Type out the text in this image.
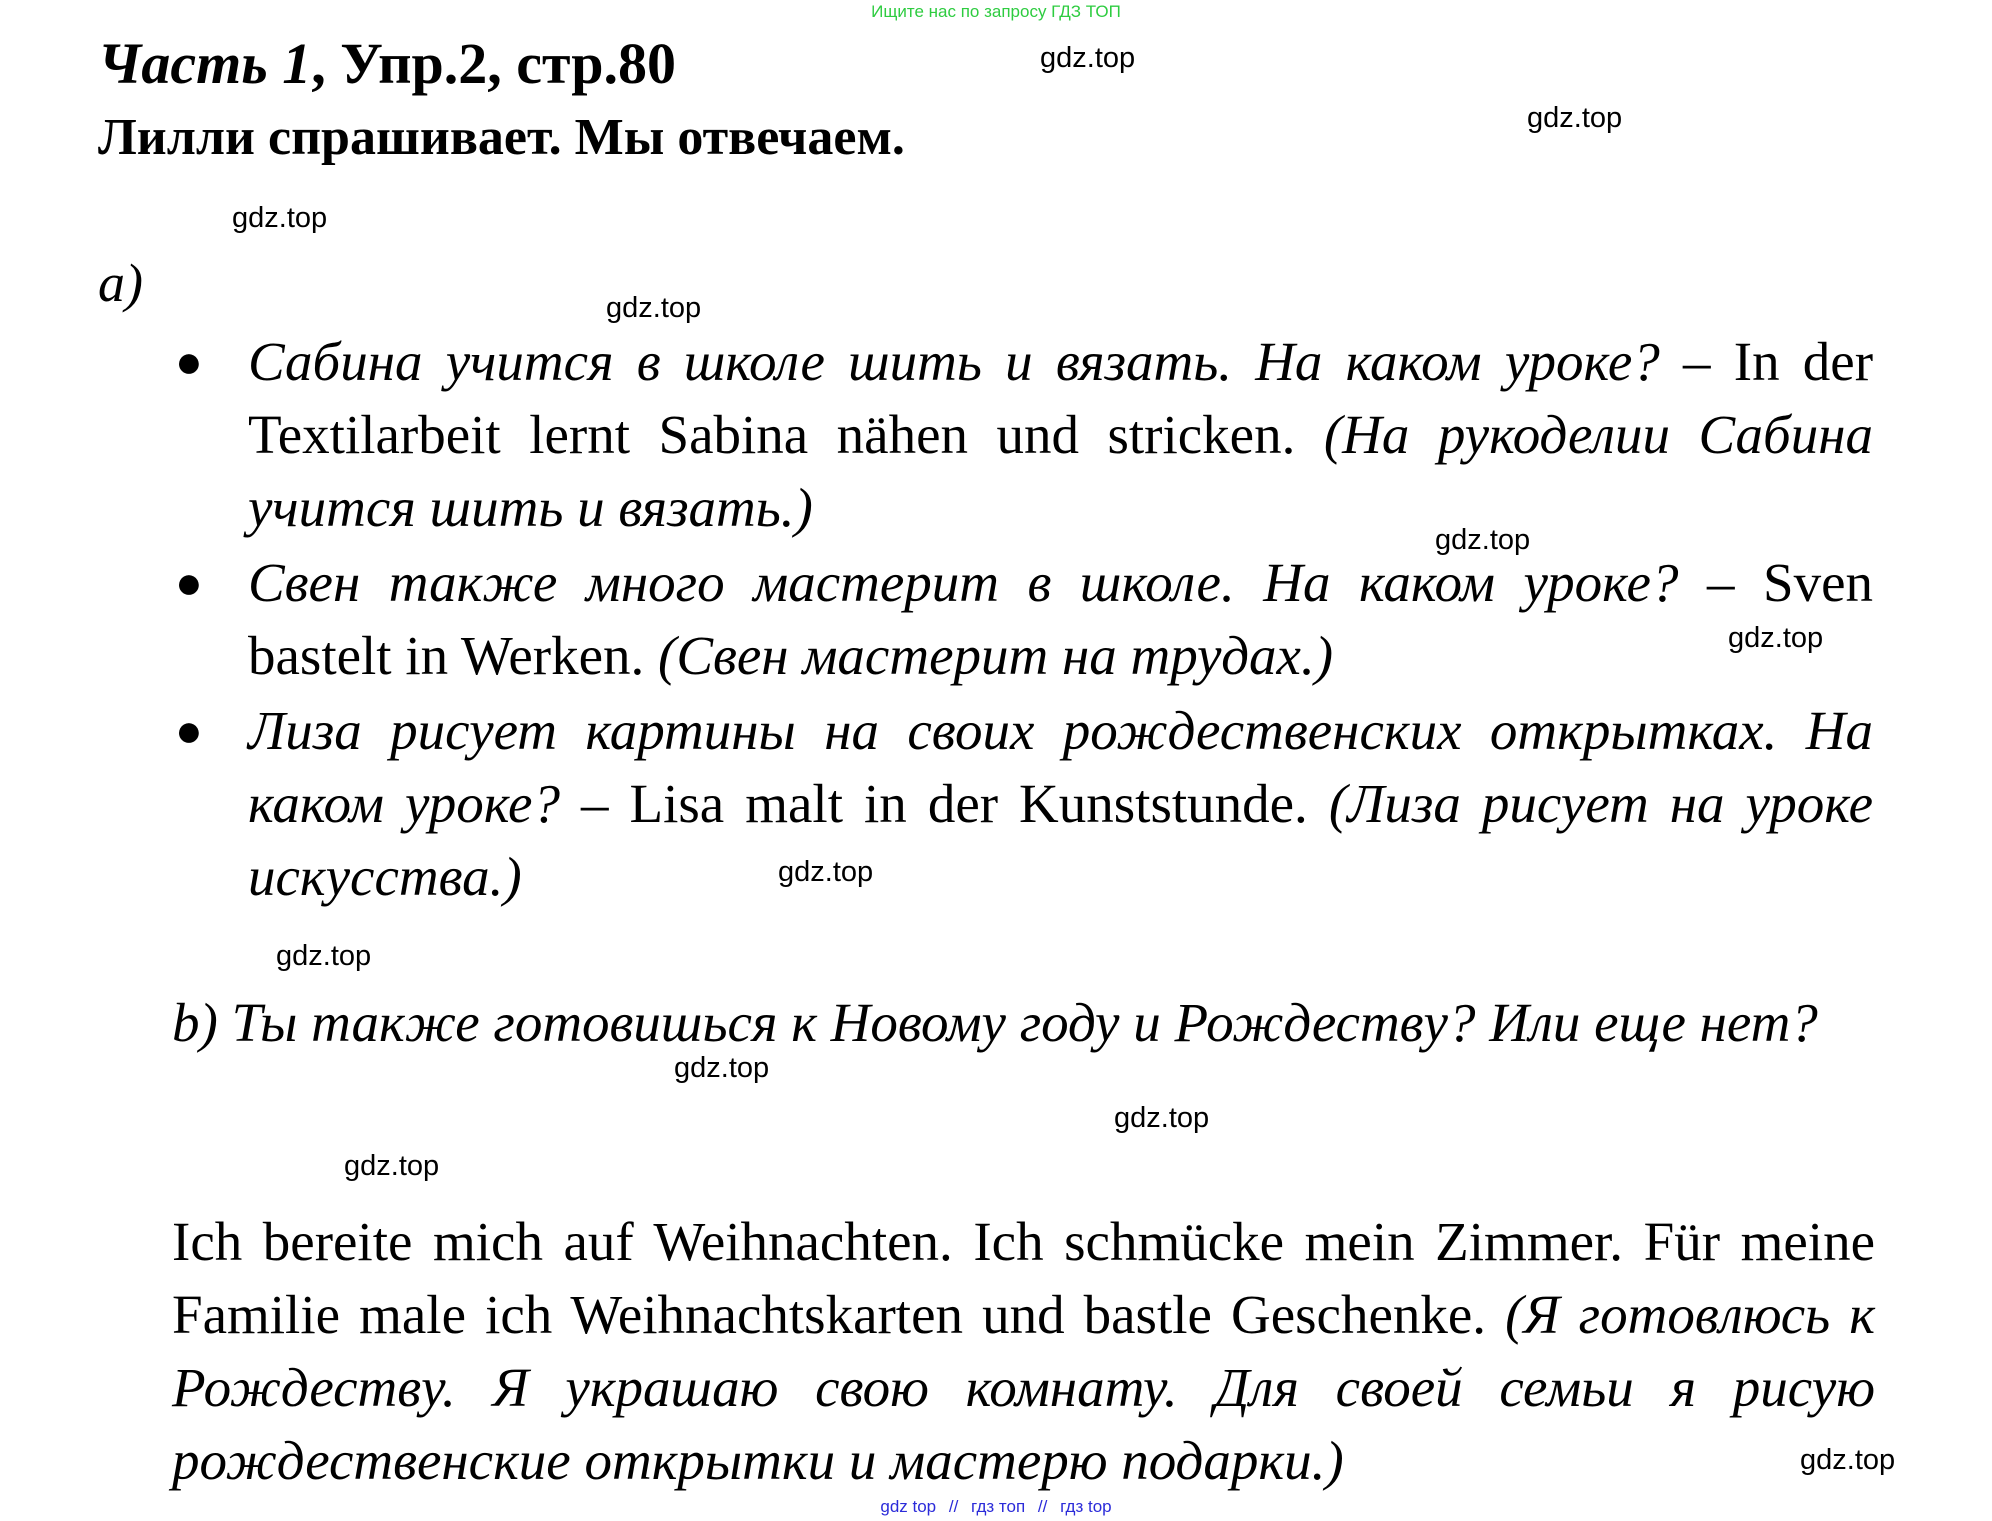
Ищите нас по запросу ГДЗ ТОП
Часть 1, Упр.2, стр.80
Лилли спрашивает. Мы отвечаем.
a)
● Сабина учится в школе шить и вязать. На каком уроке? – In der Textilarbeit lernt Sabina nähen und stricken. (На рукоделии Сабина учится шить и вязать.)
● Свен также много мастерит в школе. На каком уроке? – Sven bastelt in Werken. (Свен мастерит на трудах.)
● Лиза рисует картины на своих рождественских открытках. На каком уроке? – Lisa malt in der Kunststunde. (Лиза рисует на уроке искусства.)

b) Ты также готовишься к Новому году и Рождеству? Или еще нет?

Ich bereite mich auf Weihnachten. Ich schmücke mein Zimmer. Für meine Familie male ich Weihnachtskarten und bastle Geschenke. (Я готовлюсь к Рождеству. Я украшаю свою комнату. Для своей семьи я рисую рождественские открытки и мастерю подарки.)

gdz.top
gdz.top
gdz.top
gdz.top
gdz.top
gdz.top
gdz.top
gdz.top
gdz.top
gdz.top
gdz.top
gdz.top
gdz top // гдз топ // гдз top
